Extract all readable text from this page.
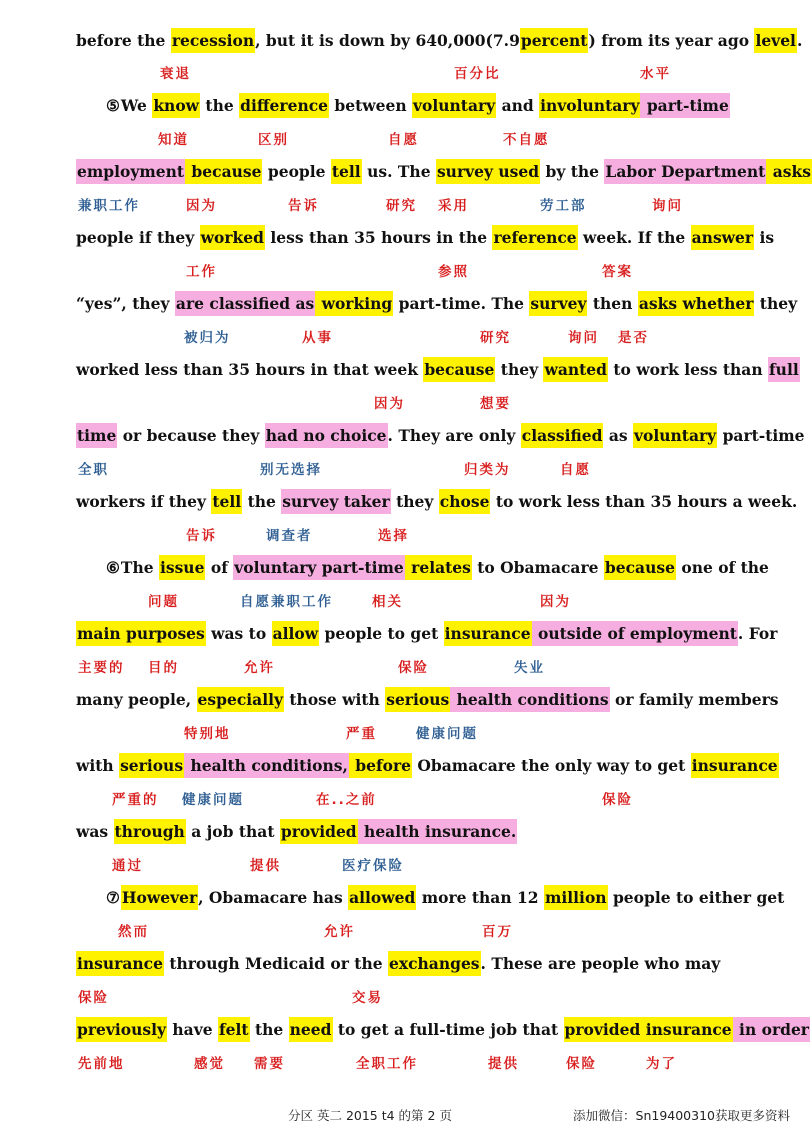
before the recession, but it is down by 640,000(7.9percent) from its year ago level.
衰退	百分比	水平
⑤We know the difference between voluntary and involuntary part-time
知道	区别	自愿	不自愿
employment because people tell us. The survey used by the Labor Department asks
兼职工作	因为	告诉	研究 采用	劳工部	询问
people if they worked less than 35 hours in the reference week. If the answer is
工作	参照	答案
“yes”, they are classified as working part-time. The survey then asks whether they
被归为	从事	研究	询问 是否
worked less than 35 hours in that week because they wanted to work less than full
因为	想要
time or because they had no choice. They are only classified as voluntary part-time
全职	别无选择	归类为	自愿
workers if they tell the survey taker they chose to work less than 35 hours a week.
告诉	调查者	选择
⑥The issue of voluntary part-time relates to Obamacare because one of the
问题	自愿兼职工作	相关	因为
main purposes was to allow people to get insurance outside of employment. For
主要的 目的	允许	保险	失业
many people, especially those with serious health conditions or family members
特别地	严重	健康问题
with serious health conditions, before Obamacare the only way to get insurance
严重的 健康问题	在..之前	保险
was through a job that provided health insurance.
通过	提供	医疗保险
⑦ However, Obamacare has allowed more than 12 million people to either get
然而	允许	百万
insurance through Medicaid or the exchanges. These are people who may
保险	交易
previously have felt the need to get a full-time job that provided insurance in order
先前地	感觉 需要	全职工作	提供	保险	为了
分区 英二 2015 t4 的第 2 页	添加微信：Sn19400310获取更多资料
